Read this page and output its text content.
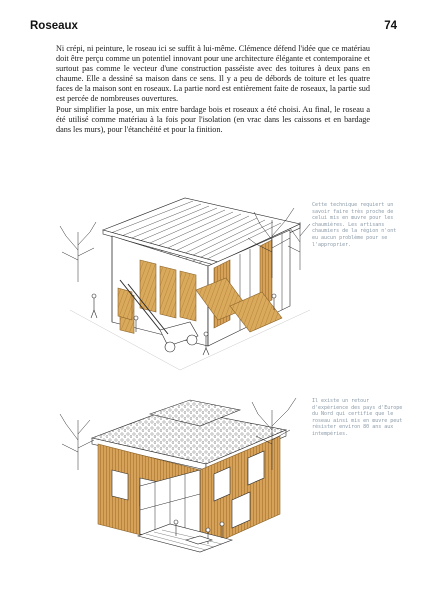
Roseaux	74

Ni crépi, ni peinture, le roseau ici se suffit à lui-même. Clémence défend l'idée que ce matériau doit être perçu comme un potentiel innovant pour une architecture élégante et contemporaine et surtout pas comme le vecteur d'une construction passéiste avec des toitures à deux pans en chaume. Elle a dessiné sa maison dans ce sens. Il y a peu de débords de toiture et les quatre faces de la maison sont en roseaux. La partie nord est entièrement faite de roseaux, la partie sud est percée de nombreuses ouvertures.

Pour simplifier la pose, un mix entre bardage bois et roseaux a été choisi. Au final, le roseau a été utilisé comme matériau à la fois pour l'isolation (en vrac dans les caissons et en bardage dans les murs), pour l'étanchéité et pour la finition.

Cette technique requiert un savoir faire très proche de celui mis en œuvre pour les chaumières. Les artisans chaumiers de la région n'ont eu aucun problème pour se l'approprier.
Il existe un retour d'expérience des pays d'Europe du Nord qui certifie que le roseau ainsi mis en œuvre peut résister environ 80 ans aux intempéries.
